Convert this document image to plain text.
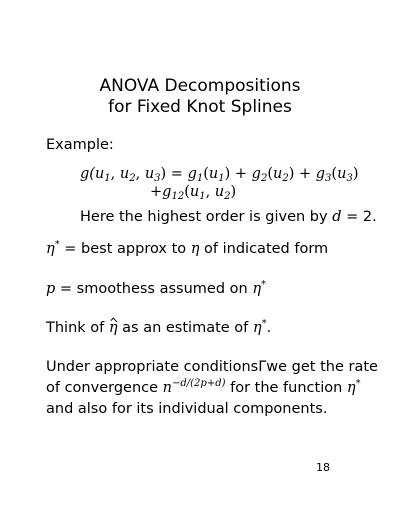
ANOVA Decompositions
for Fixed Knot Splines
Example:
$g(u_1$, $u_2$, $u_3) = g_1(u_1) + g_2(u_2) + g_3(u_3)$
$+g_{12}(u_1$, $u_2$)
Here the highest order is given by d = 2.
η* = best approx to η of indicated form
p = smoothess assumed on η*
Think of η as an estimate of η*.
Under appropriate conditionsΓwe get the rate
of convergence $n^{-d/(2p+d)}$ for the function η*
and also for its individual components.
18
